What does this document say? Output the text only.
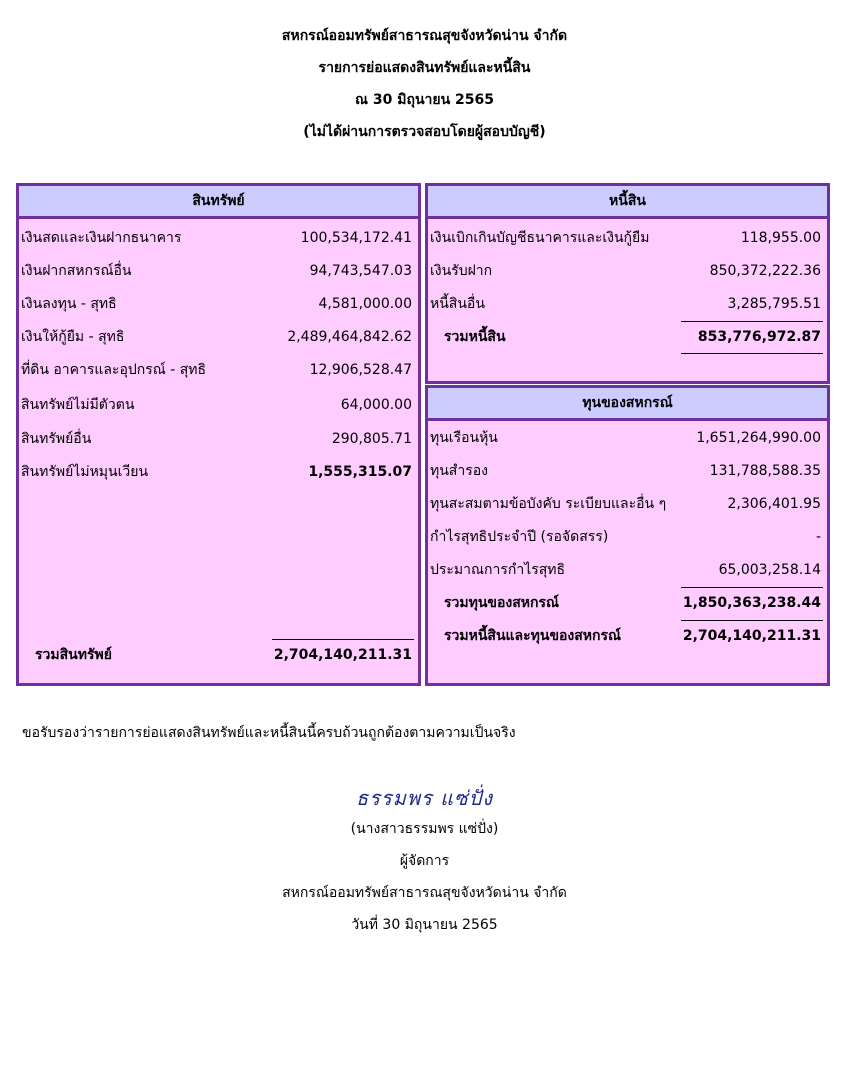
สหกรณ์ออมทรัพย์สาธารณสุขจังหวัดน่าน จำกัด
รายการย่อแสดงสินทรัพย์และหนี้สิน
ณ 30 มิถุนายน 2565
(ไม่ได้ผ่านการตรวจสอบโดยผู้สอบบัญชี)
สินทรัพย์
เงินสดและเงินฝากธนาคาร	100,534,172.41
เงินฝากสหกรณ์อื่น	94,743,547.03
เงินลงทุน - สุทธิ	4,581,000.00
เงินให้กู้ยืม - สุทธิ	2,489,464,842.62
ที่ดิน อาคารและอุปกรณ์ - สุทธิ	12,906,528.47
สินทรัพย์ไม่มีตัวตน	64,000.00
สินทรัพย์อื่น	290,805.71
สินทรัพย์ไม่หมุนเวียน	1,555,315.07
รวมสินทรัพย์	2,704,140,211.31
หนี้สิน
เงินเบิกเกินบัญชีธนาคารและเงินกู้ยืม	118,955.00
เงินรับฝาก	850,372,222.36
หนี้สินอื่น	3,285,795.51
รวมหนี้สิน	853,776,972.87
ทุนของสหกรณ์
ทุนเรือนหุ้น	1,651,264,990.00
ทุนสำรอง	131,788,588.35
ทุนสะสมตามข้อบังคับ ระเบียบและอื่น ๆ	2,306,401.95
กำไรสุทธิประจำปี (รอจัดสรร)	-
ประมาณการกำไรสุทธิ	65,003,258.14
รวมทุนของสหกรณ์	1,850,363,238.44
รวมหนี้สินและทุนของสหกรณ์	2,704,140,211.31
ขอรับรองว่ารายการย่อแสดงสินทรัพย์และหนี้สินนี้ครบถ้วนถูกต้องตามความเป็นจริง
ธรรมพร แซ่ปั่ง
(นางสาวธรรมพร แซ่ปั่ง)
ผู้จัดการ
สหกรณ์ออมทรัพย์สาธารณสุขจังหวัดน่าน จำกัด
วันที่ 30 มิถุนายน 2565
